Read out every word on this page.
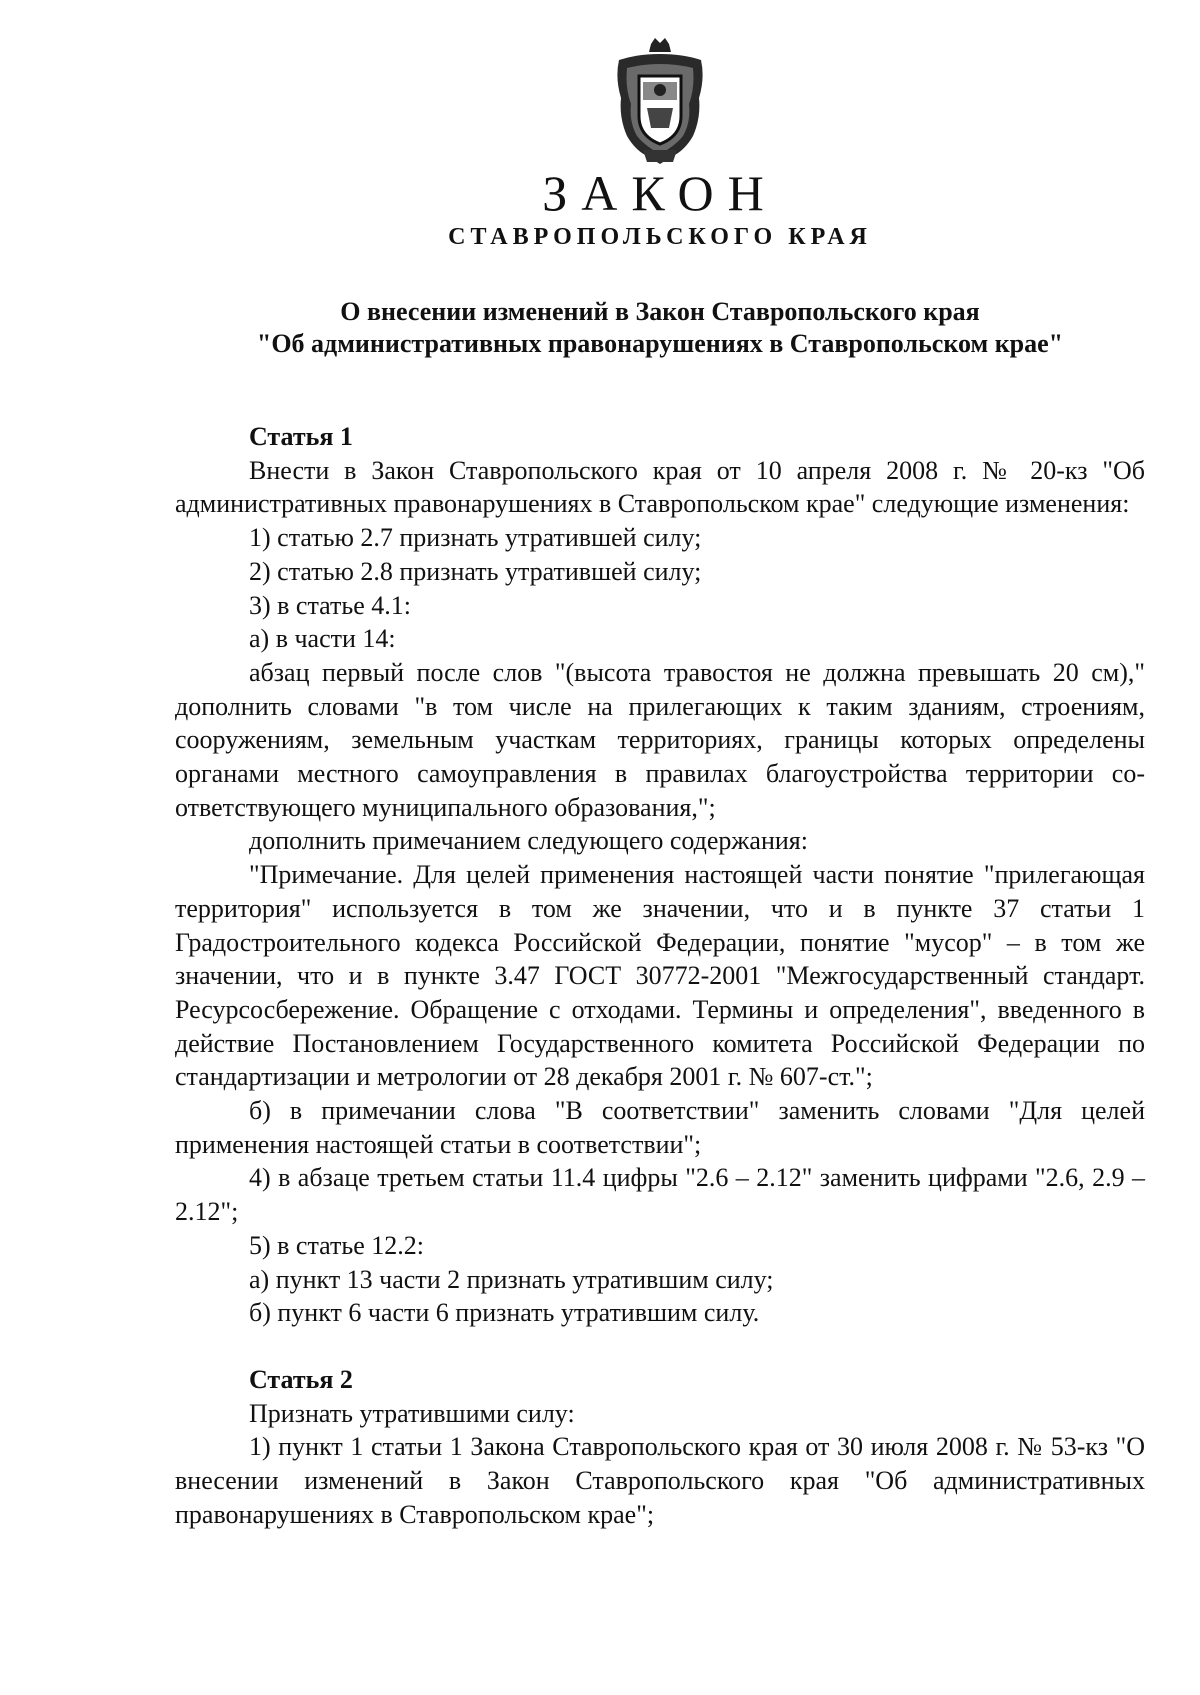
ЗАКОН
СТАВРОПОЛЬСКОГО КРАЯ
О внесении изменений в Закон Ставропольского края
"Об административных правонарушениях в Ставропольском крае"
Статья 1

Внести в Закон Ставропольского края от 10 апреля 2008 г. № 20-кз "Об административных правонарушениях в Ставропольском крае" следующие изменения:

1) статью 2.7 признать утратившей силу;

2) статью 2.8 признать утратившей силу;

3) в статье 4.1:

а) в части 14:

абзац первый после слов "(высота травостоя не должна превышать 20 см)," дополнить словами "в том числе на прилегающих к таким зданиям, строениям, сооружениям, земельным участкам территориях, границы которых определены органами местного самоуправления в правилах благоустройства территории соответствующего муниципального образования,";

дополнить примечанием следующего содержания:

"Примечание. Для целей применения настоящей части понятие "прилегающая территория" используется в том же значении, что и в пункте 37 статьи 1 Градостроительного кодекса Российской Федерации, понятие "мусор" – в том же значении, что и в пункте 3.47 ГОСТ 30772-2001 "Межгосударственный стандарт. Ресурсосбережение. Обращение с отходами. Термины и определения", введенного в действие Постановлением Государственного комитета Российской Федерации по стандартизации и метрологии от 28 декабря 2001 г. № 607-ст.";

б) в примечании слова "В соответствии" заменить словами "Для целей применения настоящей статьи в соответствии";

4) в абзаце третьем статьи 11.4 цифры "2.6 – 2.12" заменить цифрами "2.6, 2.9 – 2.12";

5) в статье 12.2:

а) пункт 13 части 2 признать утратившим силу;

б) пункт 6 части 6 признать утратившим силу.

Статья 2

Признать утратившими силу:

1) пункт 1 статьи 1 Закона Ставропольского края от 30 июля 2008 г. № 53-кз "О внесении изменений в Закон Ставропольского края "Об административных правонарушениях в Ставропольском крае";
